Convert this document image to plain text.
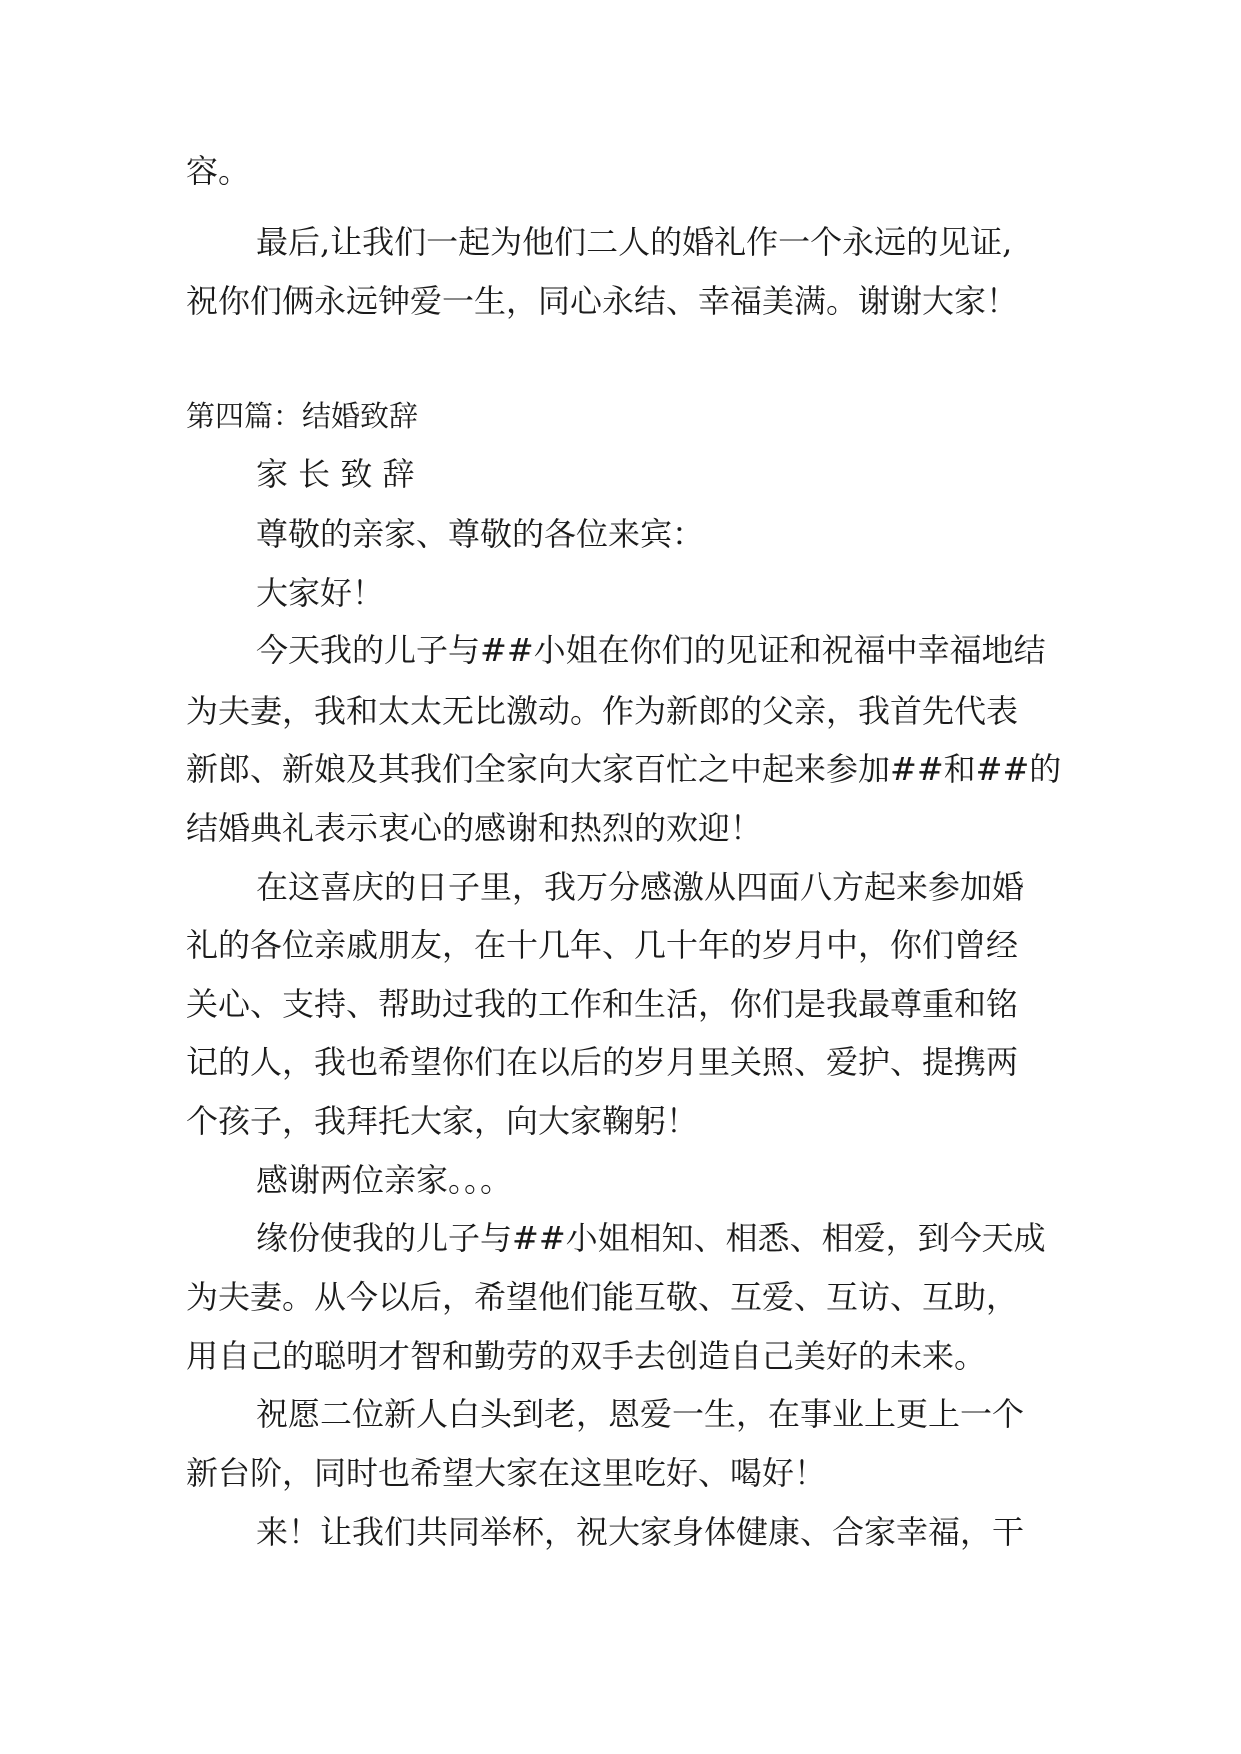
容。
最后,让我们一起为他们二人的婚礼作一个永远的见证,
祝你们俩永远钟爱一生，同心永结、幸福美满。谢谢大家！
第四篇：结婚致辞
家 长 致 辞
尊敬的亲家、尊敬的各位来宾：
大家好！
今天我的儿子与##小姐在你们的见证和祝福中幸福地结
为夫妻，我和太太无比激动。作为新郎的父亲，我首先代表
新郎、新娘及其我们全家向大家百忙之中起来参加##和##的
结婚典礼表示衷心的感谢和热烈的欢迎！
在这喜庆的日子里，我万分感激从四面八方起来参加婚
礼的各位亲戚朋友，在十几年、几十年的岁月中，你们曾经
关心、支持、帮助过我的工作和生活，你们是我最尊重和铭
记的人，我也希望你们在以后的岁月里关照、爱护、提携两
个孩子，我拜托大家，向大家鞠躬！
感谢两位亲家。。。
缘份使我的儿子与##小姐相知、相悉、相爱，到今天成
为夫妻。从今以后，希望他们能互敬、互爱、互访、互助，
用自己的聪明才智和勤劳的双手去创造自己美好的未来。
祝愿二位新人白头到老，恩爱一生，在事业上更上一个
新台阶，同时也希望大家在这里吃好、喝好！
来！让我们共同举杯，祝大家身体健康、合家幸福，干
